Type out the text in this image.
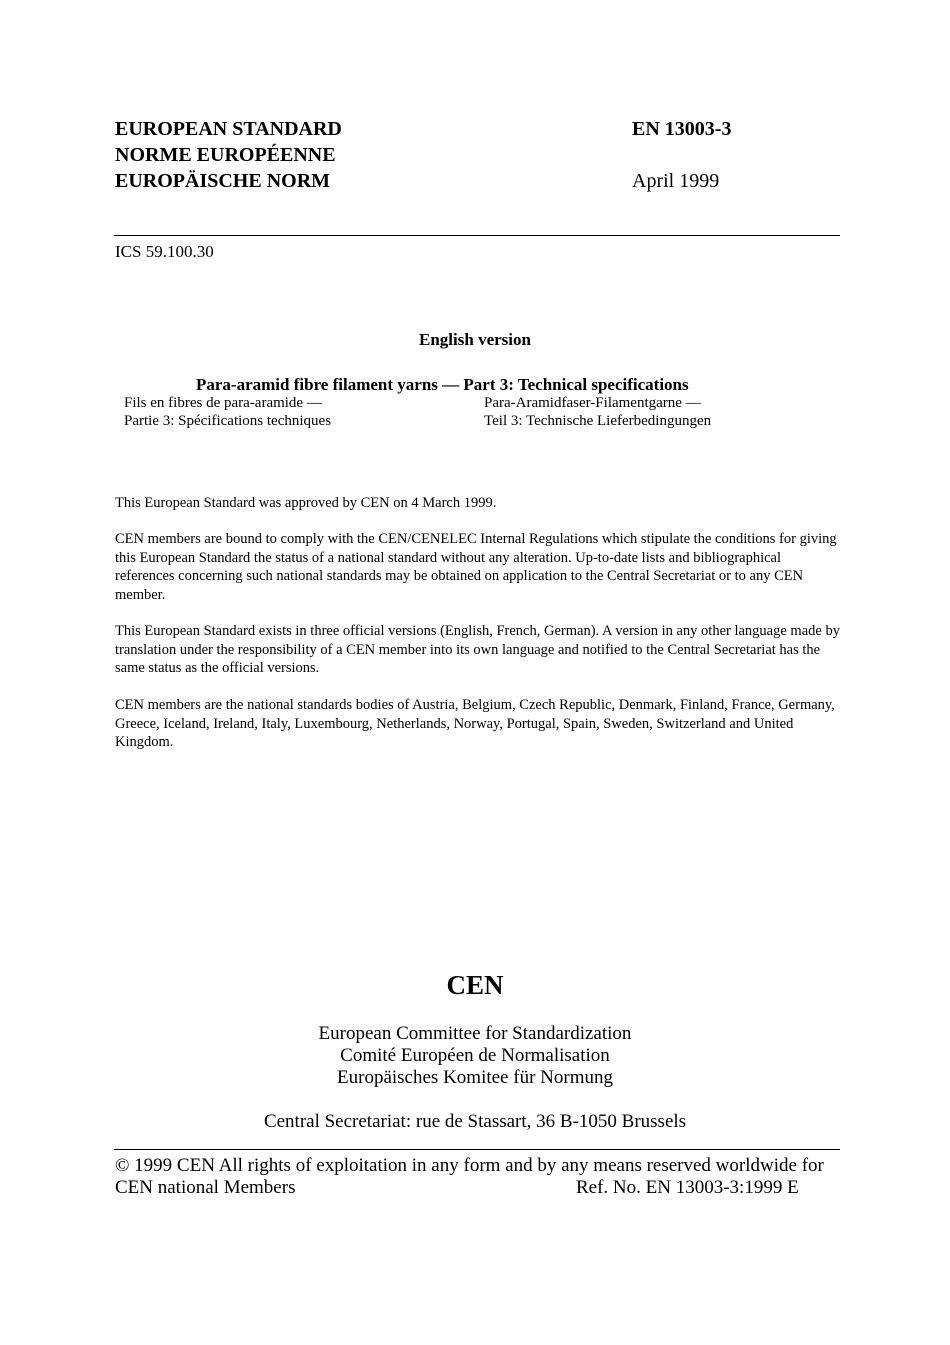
EUROPEAN STANDARD
NORME EUROPÉENNE
EUROPÄISCHE NORM
EN 13003-3
April 1999
ICS 59.100.30
English version
Para-aramid fibre filament yarns — Part 3: Technical specifications
Fils en fibres de para-aramide —
Partie 3: Spécifications techniques
Para-Aramidfaser-Filamentgarne —
Teil 3: Technische Lieferbedingungen
This European Standard was approved by CEN on 4 March 1999.
CEN members are bound to comply with the CEN/CENELEC Internal Regulations which stipulate the conditions for giving this European Standard the status of a national standard without any alteration. Up-to-date lists and bibliographical references concerning such national standards may be obtained on application to the Central Secretariat or to any CEN member.
This European Standard exists in three official versions (English, French, German). A version in any other language made by translation under the responsibility of a CEN member into its own language and notified to the Central Secretariat has the same status as the official versions.
CEN members are the national standards bodies of Austria, Belgium, Czech Republic, Denmark, Finland, France, Germany, Greece, Iceland, Ireland, Italy, Luxembourg, Netherlands, Norway, Portugal, Spain, Sweden, Switzerland and United Kingdom.
CEN
European Committee for Standardization
Comité Européen de Normalisation
Europäisches Komitee für Normung
Central Secretariat: rue de Stassart, 36 B-1050 Brussels
© 1999 CEN All rights of exploitation in any form and by any means reserved worldwide for
CEN national Members	Ref. No. EN 13003-3:1999 E
